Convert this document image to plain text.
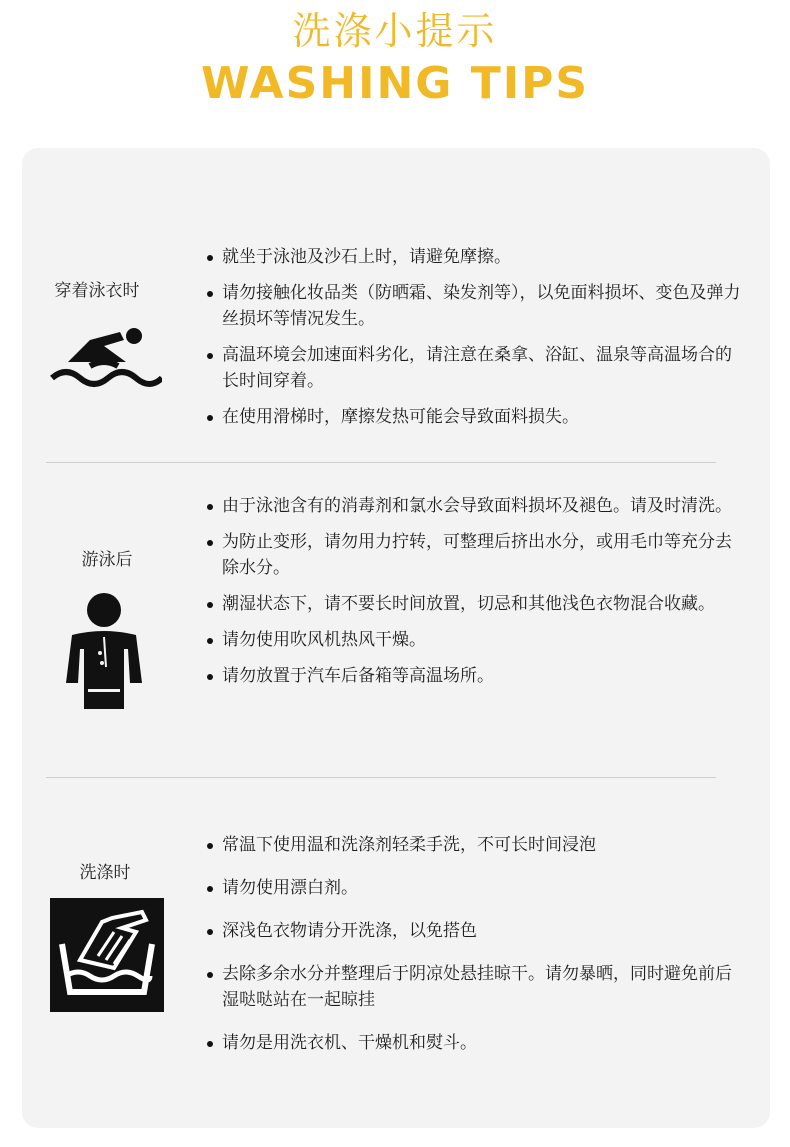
洗涤小提示
WASHING TIPS
穿着泳衣时
就坐于泳池及沙石上时，请避免摩擦。
请勿接触化妆品类（防晒霜、染发剂等），以免面料损坏、变色及弹力丝损坏等情况发生。
高温环境会加速面料劣化，请注意在桑拿、浴缸、温泉等高温场合的长时间穿着。
在使用滑梯时，摩擦发热可能会导致面料损失。
游泳后
由于泳池含有的消毒剂和氯水会导致面料损坏及褪色。请及时清洗。
为防止变形，请勿用力拧转，可整理后挤出水分，或用毛巾等充分去除水分。
潮湿状态下，请不要长时间放置，切忌和其他浅色衣物混合收藏。
请勿使用吹风机热风干燥。
请勿放置于汽车后备箱等高温场所。
洗涤时
常温下使用温和洗涤剂轻柔手洗，不可长时间浸泡
请勿使用漂白剂。
深浅色衣物请分开洗涤，以免搭色
去除多余水分并整理后于阴凉处悬挂晾干。请勿暴晒，同时避免前后湿哒哒站在一起晾挂
请勿是用洗衣机、干燥机和熨斗。
